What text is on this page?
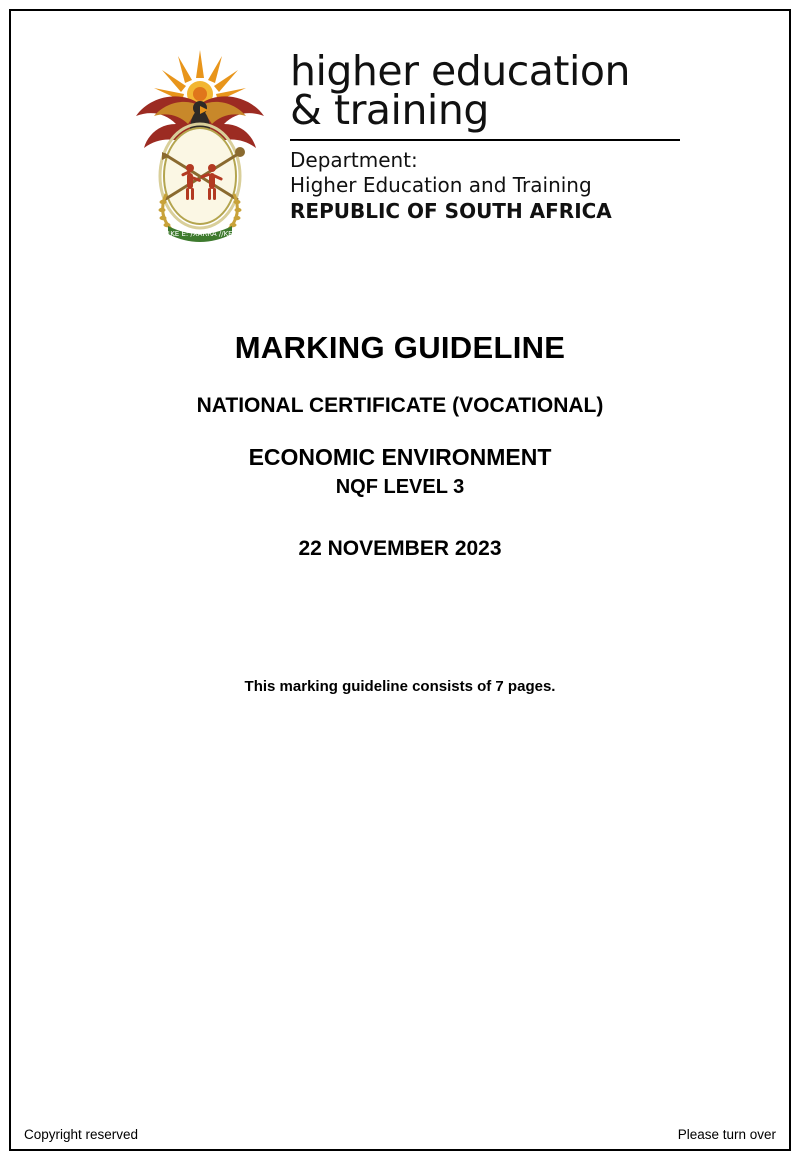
!KE E: /XARRA //KE
higher education
& training
Department:
Higher Education and Training
REPUBLIC OF SOUTH AFRICA
MARKING GUIDELINE
NATIONAL CERTIFICATE (VOCATIONAL)
ECONOMIC ENVIRONMENT
NQF LEVEL 3
22 NOVEMBER 2023
This marking guideline consists of 7 pages.
Copyright reserved	Please turn over
